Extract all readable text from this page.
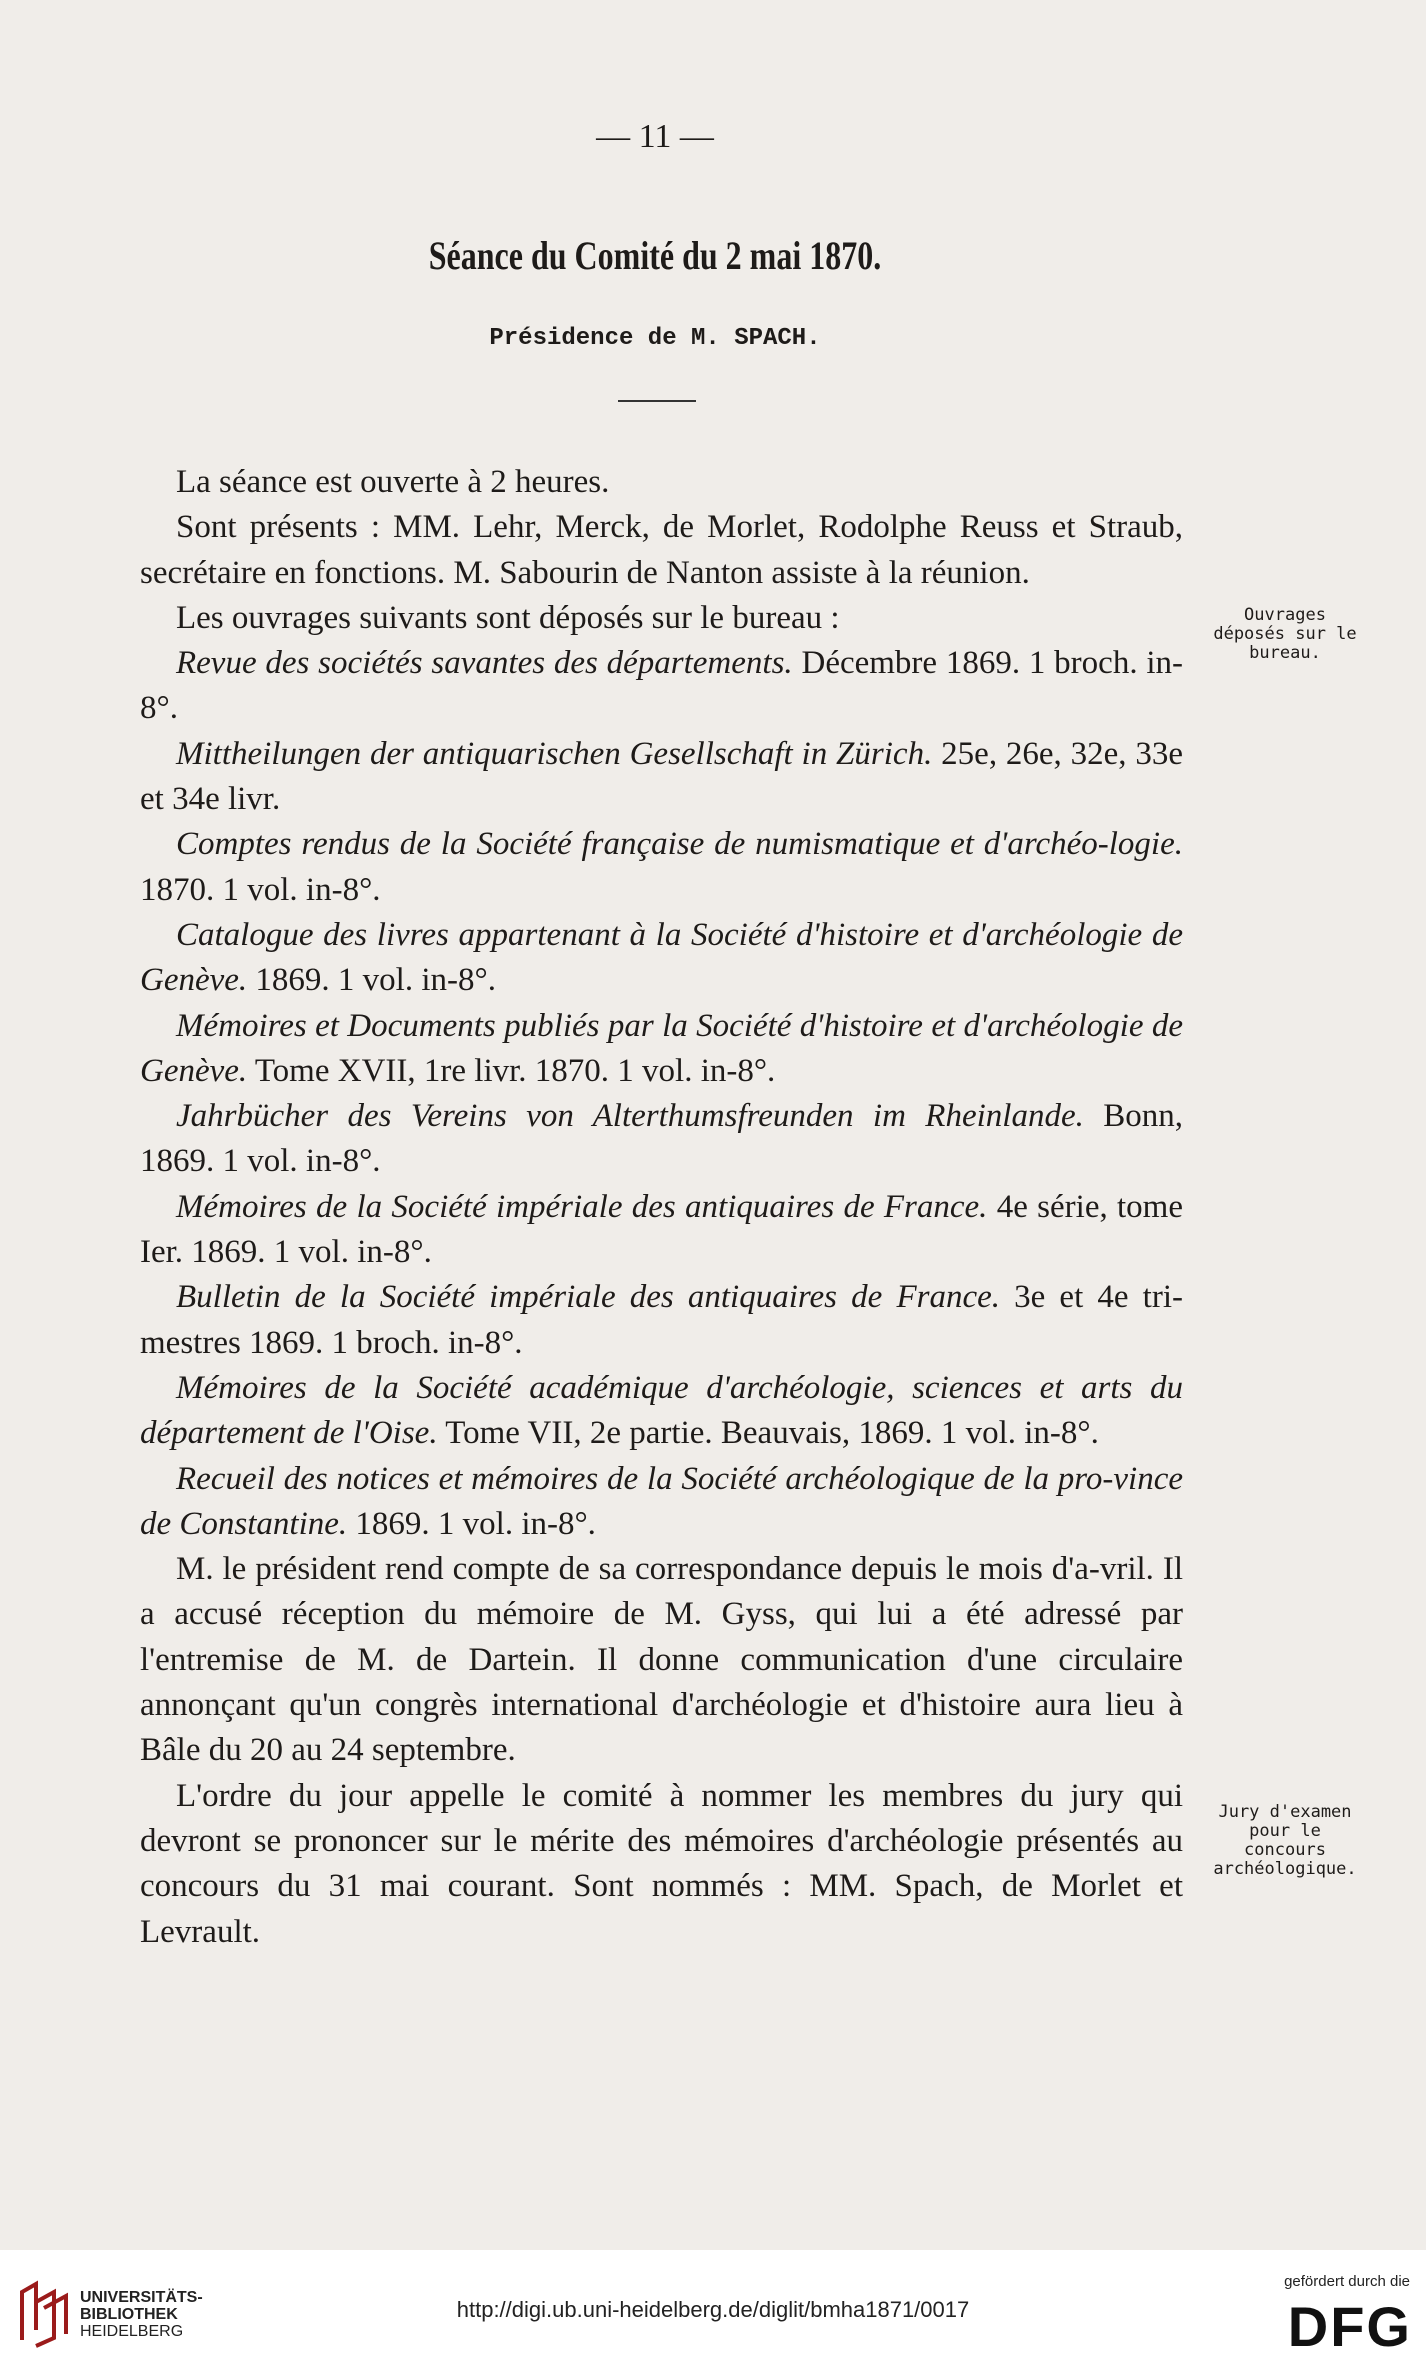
— 11 —
Séance du Comité du 2 mai 1870.
Présidence de M. SPACH.

La séance est ouverte à 2 heures.

Sont présents : MM. Lehr, Merck, de Morlet, Rodolphe Reuss et Straub, secrétaire en fonctions. M. Sabourin de Nanton assiste à la réunion.

Les ouvrages suivants sont déposés sur le bureau :

Revue des sociétés savantes des départements. Décembre 1869. 1 broch. in-8°.

Mittheilungen der antiquarischen Gesellschaft in Zürich. 25e, 26e, 32e, 33e et 34e livr.

Comptes rendus de la Société française de numismatique et d'archéo-logie. 1870. 1 vol. in-8°.

Catalogue des livres appartenant à la Société d'histoire et d'archéologie de Genève. 1869. 1 vol. in-8°.

Mémoires et Documents publiés par la Société d'histoire et d'archéologie de Genève. Tome XVII, 1re livr. 1870. 1 vol. in-8°.

Jahrbücher des Vereins von Alterthumsfreunden im Rheinlande. Bonn, 1869. 1 vol. in-8°.

Mémoires de la Société impériale des antiquaires de France. 4e série, tome Ier. 1869. 1 vol. in-8°.

Bulletin de la Société impériale des antiquaires de France. 3e et 4e tri-mestres 1869. 1 broch. in-8°.

Mémoires de la Société académique d'archéologie, sciences et arts du département de l'Oise. Tome VII, 2e partie. Beauvais, 1869. 1 vol. in-8°.

Recueil des notices et mémoires de la Société archéologique de la pro-vince de Constantine. 1869. 1 vol. in-8°.

M. le président rend compte de sa correspondance depuis le mois d'a-vril. Il a accusé réception du mémoire de M. Gyss, qui lui a été adressé par l'entremise de M. de Dartein. Il donne communication d'une circulaire annonçant qu'un congrès international d'archéologie et d'histoire aura lieu à Bâle du 20 au 24 septembre.

L'ordre du jour appelle le comité à nommer les membres du jury qui devront se prononcer sur le mérite des mémoires d'archéologie présentés au concours du 31 mai courant. Sont nommés : MM. Spach, de Morlet et Levrault.

Ouvrages déposés sur le bureau.
Jury d'examen pour le concours archéologique.
UNIVERSITÄTS-
BIBLIOTHEK
HEIDELBERG
http://digi.ub.uni-heidelberg.de/diglit/bmha1871/0017
gefördert durch die
DFG
